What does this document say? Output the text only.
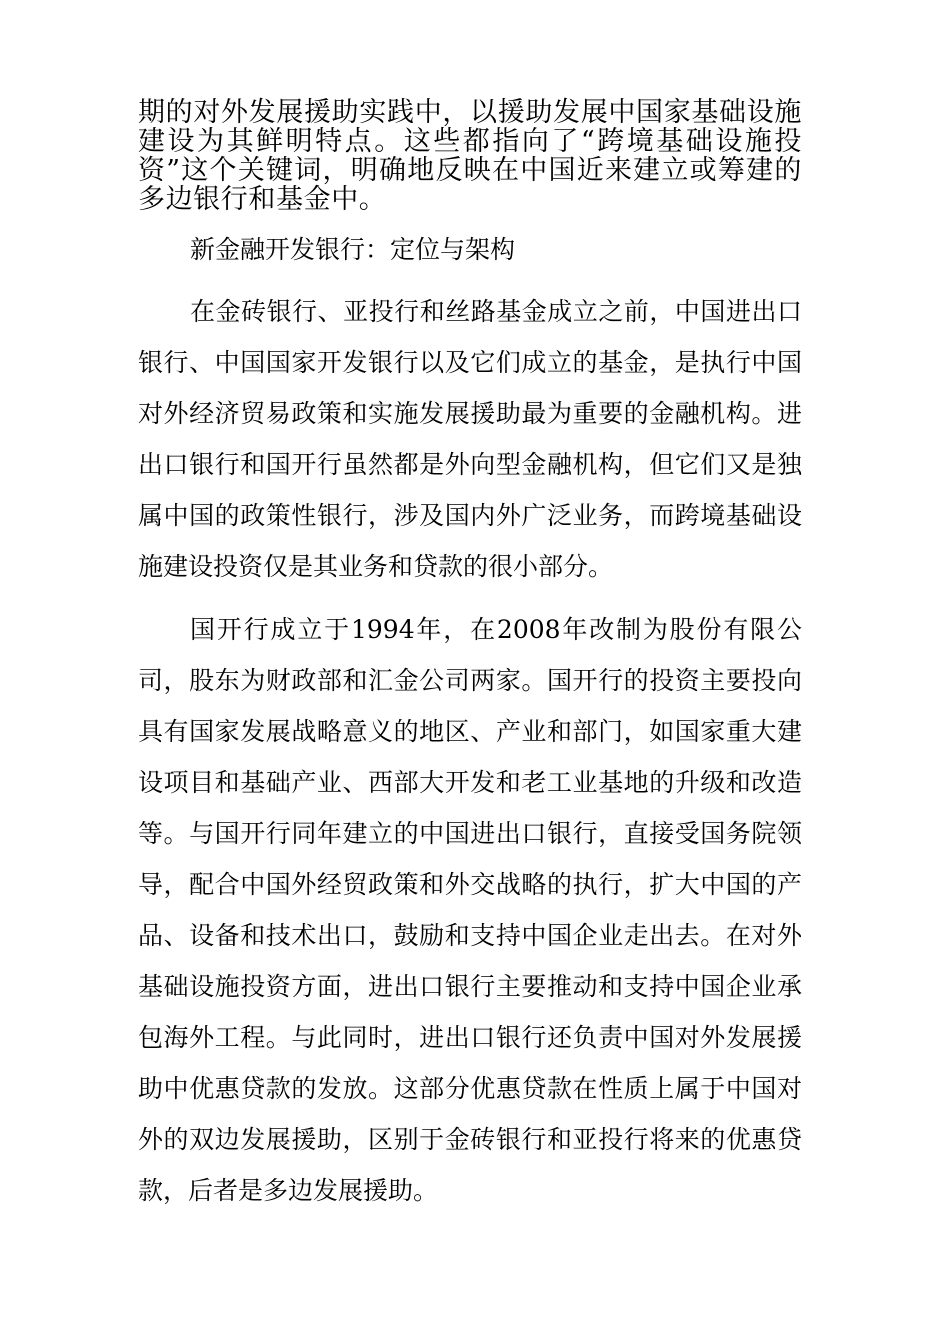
期的对外发展援助实践中，以援助发展中国家基础设施建设为其鲜明特点。这些都指向了“跨境基础设施投资”这个关键词，明确地反映在中国近来建立或筹建的多边银行和基金中。

新金融开发银行：定位与架构

在金砖银行、亚投行和丝路基金成立之前，中国进出口银行、中国国家开发银行以及它们成立的基金，是执行中国对外经济贸易政策和实施发展援助最为重要的金融机构。进出口银行和国开行虽然都是外向型金融机构，但它们又是独属中国的政策性银行，涉及国内外广泛业务，而跨境基础设施建设投资仅是其业务和贷款的很小部分。

国开行成立于1994年，在2008年改制为股份有限公司，股东为财政部和汇金公司两家。国开行的投资主要投向具有国家发展战略意义的地区、产业和部门，如国家重大建设项目和基础产业、西部大开发和老工业基地的升级和改造等。与国开行同年建立的中国进出口银行，直接受国务院领导，配合中国外经贸政策和外交战略的执行，扩大中国的产品、设备和技术出口，鼓励和支持中国企业走出去。在对外基础设施投资方面，进出口银行主要推动和支持中国企业承包海外工程。与此同时，进出口银行还负责中国对外发展援助中优惠贷款的发放。这部分优惠贷款在性质上属于中国对外的双边发展援助，区别于金砖银行和亚投行将来的优惠贷款，后者是多边发展援助。
